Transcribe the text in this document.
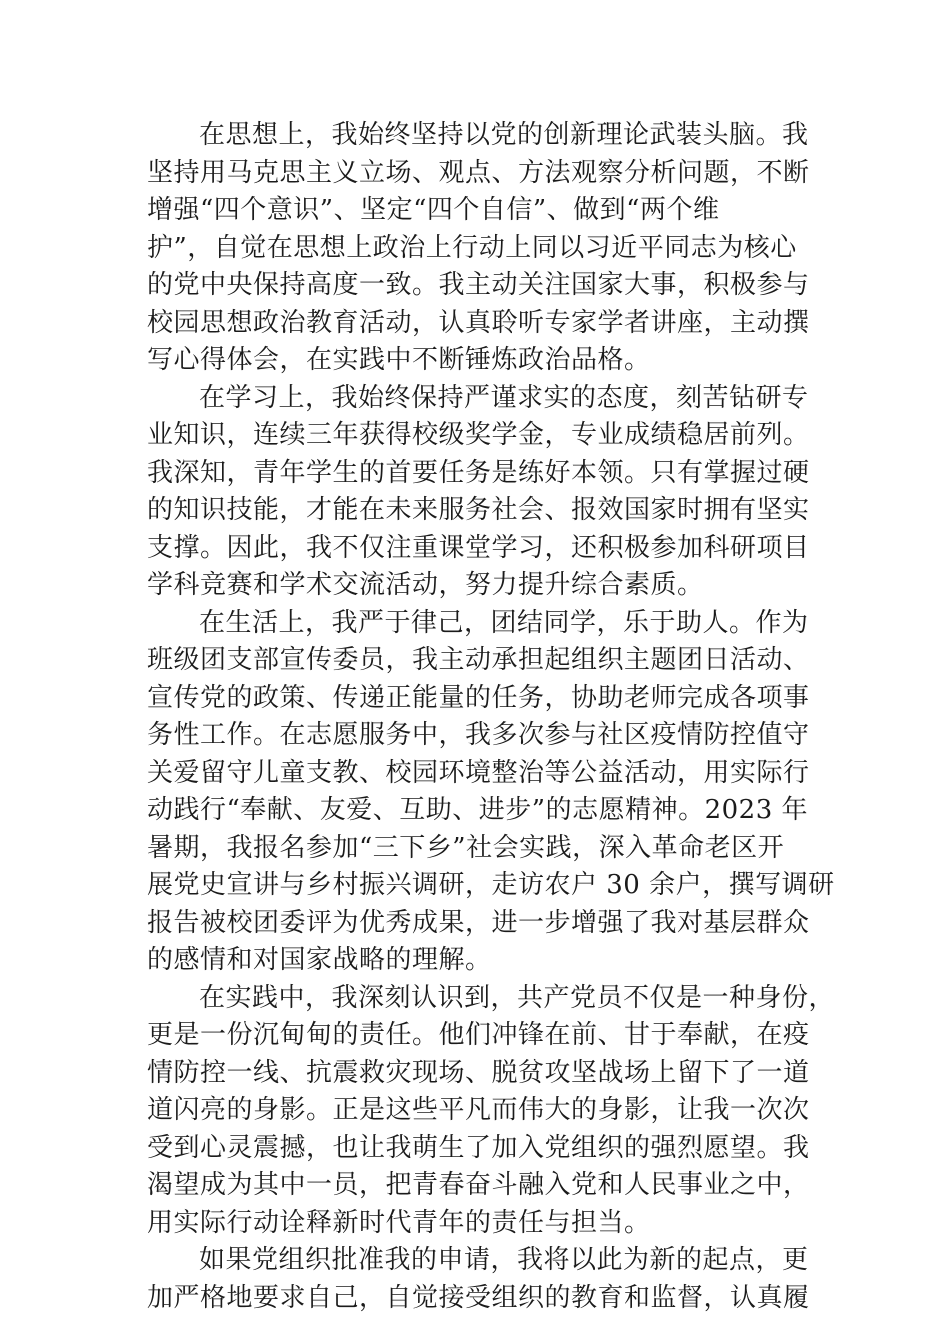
在思想上，我始终坚持以党的创新理论武装头脑。我
坚持用马克思主义立场、观点、方法观察分析问题，不断
增强“四个意识”、坚定“四个自信”、做到“两个维
护”，自觉在思想上政治上行动上同以习近平同志为核心
的党中央保持高度一致。我主动关注国家大事，积极参与
校园思想政治教育活动，认真聆听专家学者讲座，主动撰
写心得体会，在实践中不断锤炼政治品格。
在学习上，我始终保持严谨求实的态度，刻苦钻研专
业知识，连续三年获得校级奖学金，专业成绩稳居前列。
我深知，青年学生的首要任务是练好本领。只有掌握过硬
的知识技能，才能在未来服务社会、报效国家时拥有坚实
支撑。因此，我不仅注重课堂学习，还积极参加科研项目
学科竞赛和学术交流活动，努力提升综合素质。
在生活上，我严于律己，团结同学，乐于助人。作为
班级团支部宣传委员，我主动承担起组织主题团日活动、
宣传党的政策、传递正能量的任务，协助老师完成各项事
务性工作。在志愿服务中，我多次参与社区疫情防控值守
关爱留守儿童支教、校园环境整治等公益活动，用实际行
动践行“奉献、友爱、互助、进步”的志愿精神。2023 年
暑期，我报名参加“三下乡”社会实践，深入革命老区开
展党史宣讲与乡村振兴调研，走访农户 30 余户，撰写调研
报告被校团委评为优秀成果，进一步增强了我对基层群众
的感情和对国家战略的理解。
在实践中，我深刻认识到，共产党员不仅是一种身份，
更是一份沉甸甸的责任。他们冲锋在前、甘于奉献，在疫
情防控一线、抗震救灾现场、脱贫攻坚战场上留下了一道
道闪亮的身影。正是这些平凡而伟大的身影，让我一次次
受到心灵震撼，也让我萌生了加入党组织的强烈愿望。我
渴望成为其中一员，把青春奋斗融入党和人民事业之中，
用实际行动诠释新时代青年的责任与担当。
如果党组织批准我的申请，我将以此为新的起点，更
加严格地要求自己，自觉接受组织的教育和监督，认真履
